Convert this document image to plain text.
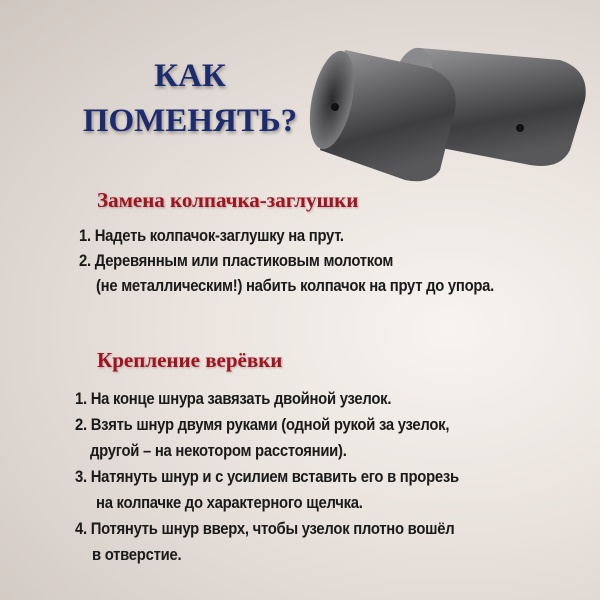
КАК
ПОМЕНЯТЬ?
Замена колпачка-заглушки
1. Надеть колпачок-заглушку на прут.
2. Деревянным или пластиковым молотком
(не металлическим!) набить колпачок на прут до упора.
Крепление верёвки
1. На конце шнура завязать двойной узелок.
2. Взять шнур двумя руками (одной рукой за узелок,
другой – на некотором расстоянии).
3. Натянуть шнур и с усилием вставить его в прорезь
на колпачке до характерного щелчка.
4. Потянуть шнур вверх, чтобы узелок плотно вошёл
в отверстие.
